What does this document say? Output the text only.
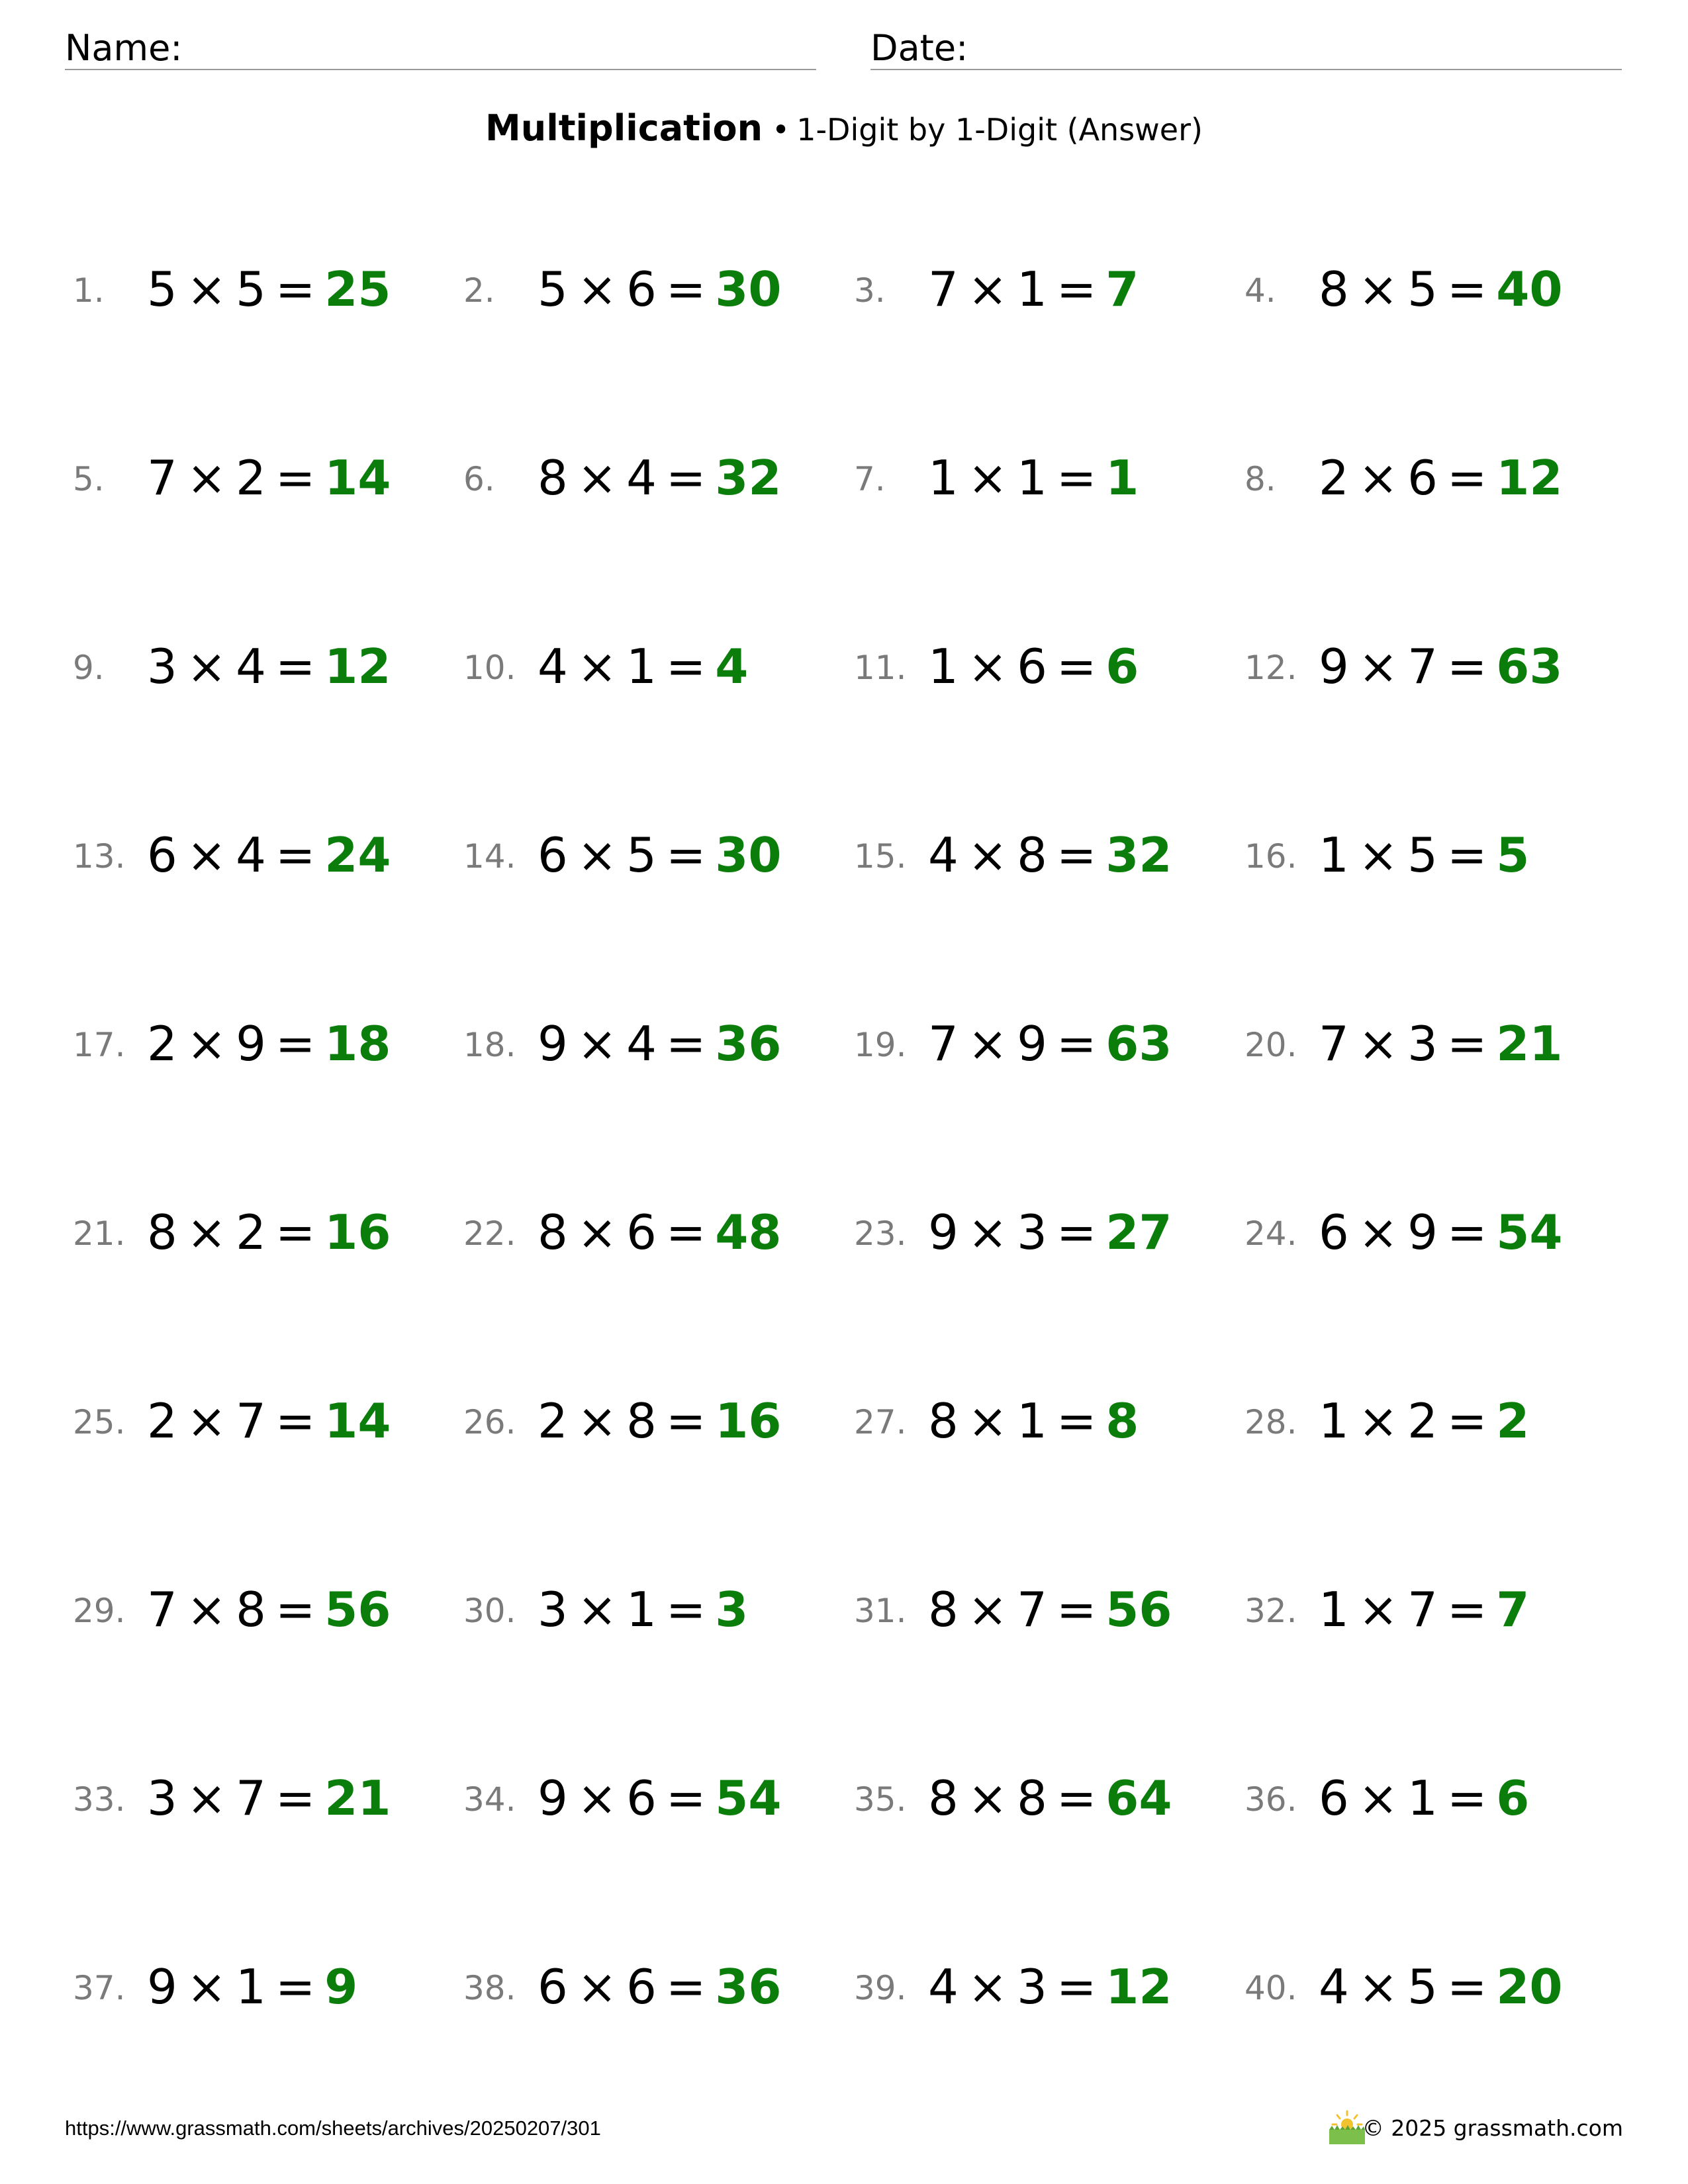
Name:	Date:
Multiplication • 1-Digit by 1-Digit (Answer)
1. 5 × 5 = 25 2. 5 × 6 = 30 3. 7 × 1 = 7	4. 8 × 5 = 40
5. 7 × 2 = 14 6. 8 × 4 = 32 7. 1 × 1 = 1	8. 2 × 6 = 12
9. 3 × 4 = 12 10. 4 × 1 = 4	11. 1 × 6 = 6	12. 9 × 7 = 63
13. 6 × 4 = 24 14. 6 × 5 = 30 15. 4 × 8 = 32 16. 1 × 5 = 5
17. 2 × 9 = 18 18. 9 × 4 = 36 19. 7 × 9 = 63 20. 7 × 3 = 21
21. 8 × 2 = 16 22. 8 × 6 = 48 23. 9 × 3 = 27 24. 6 × 9 = 54
25. 2 × 7 = 14 26. 2 × 8 = 16 27. 8 × 1 = 8	28. 1 × 2 = 2
29. 7 × 8 = 56 30. 3 × 1 = 3	31. 8 × 7 = 56 32. 1 × 7 = 7
33. 3 × 7 = 21 34. 9 × 6 = 54 35. 8 × 8 = 64 36. 6 × 1 = 6
37. 9 × 1 = 9	38. 6 × 6 = 36 39. 4 × 3 = 12 40. 4 × 5 = 20
https://www.grassmath.com/sheets/archives/20250207/301	© 2025 grassmath.com
